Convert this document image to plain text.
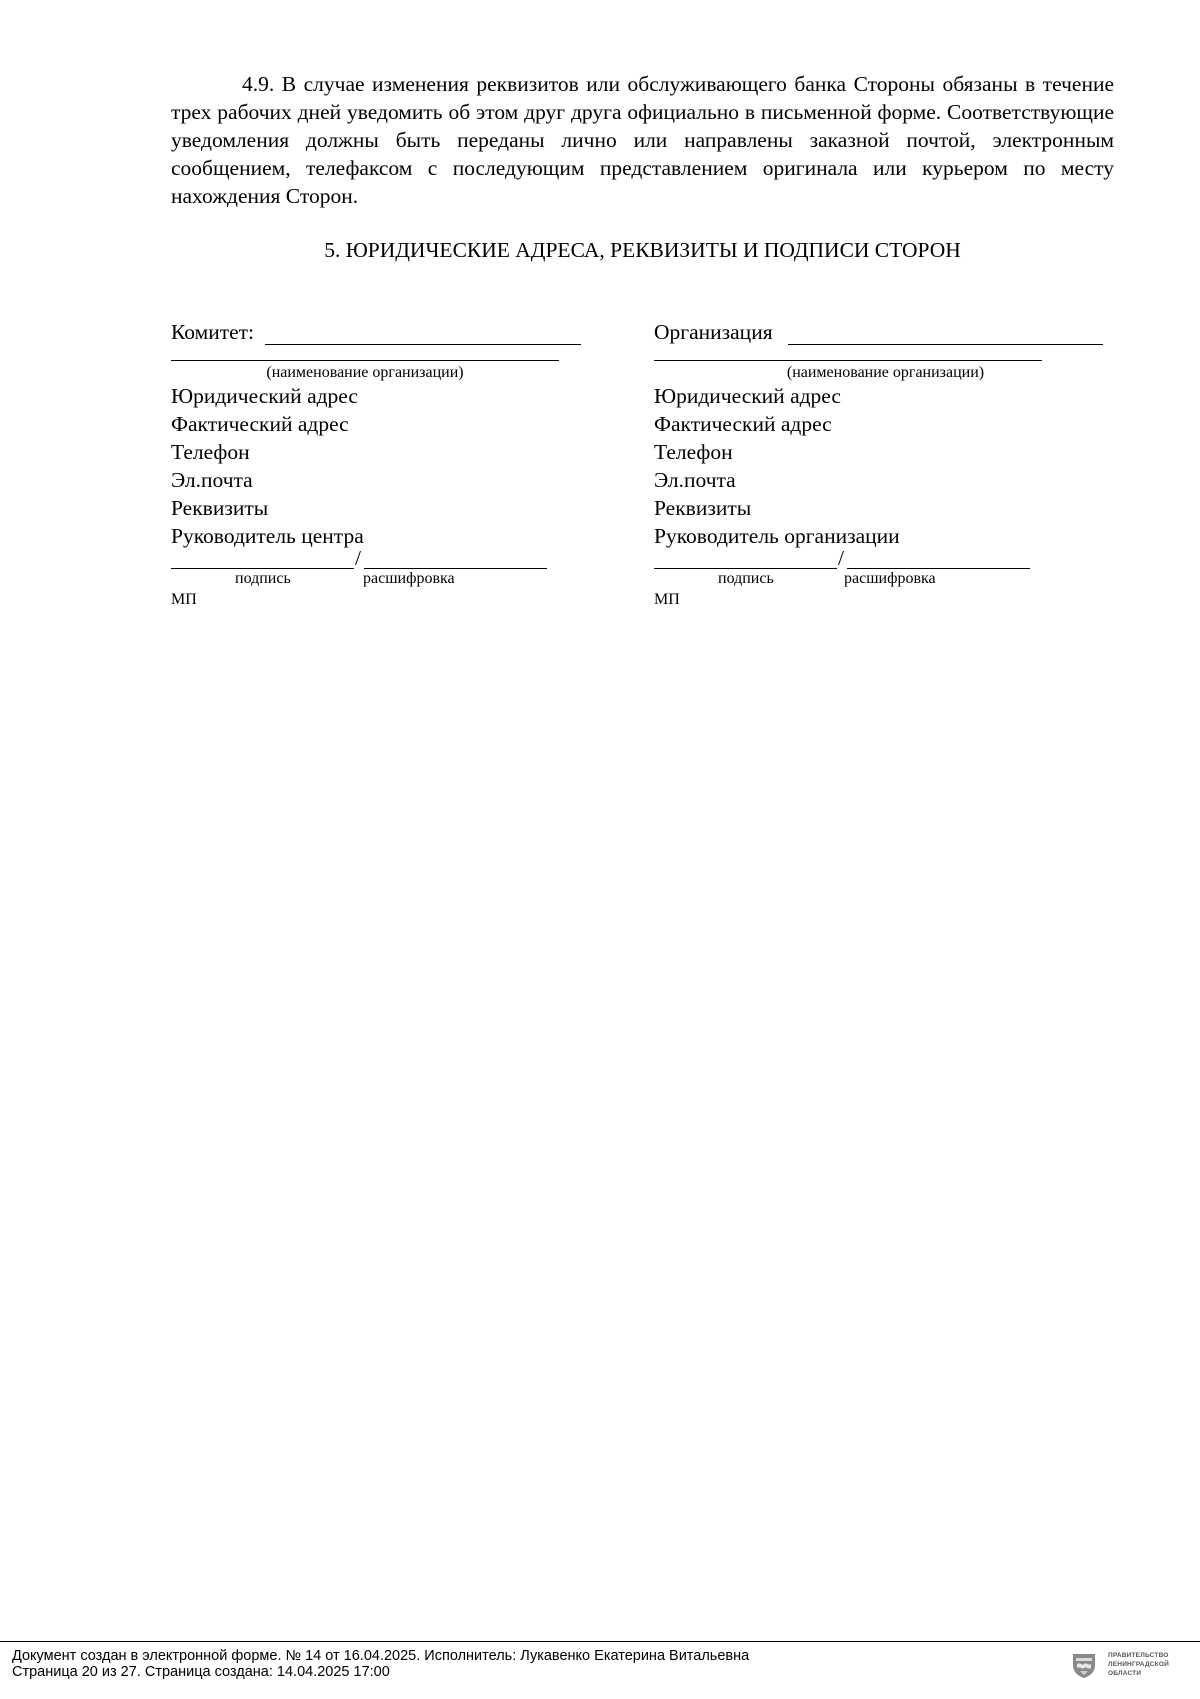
4.9. В случае изменения реквизитов или обслуживающего банка Стороны обязаны в течение трех рабочих дней уведомить об этом друг друга официально в письменной форме. Соответствующие уведомления должны быть переданы лично или направлены заказной почтой, электронным сообщением, телефаксом с последующим представлением оригинала или курьером по месту нахождения Сторон.

5. ЮРИДИЧЕСКИЕ АДРЕСА, РЕКВИЗИТЫ И ПОДПИСИ СТОРОН
Комитет:
(наименование организации)
Юридический адрес
Фактический адрес
Телефон
Эл.почта
Реквизиты
Руководитель центра
/
подпись	расшифровка
МП
Организация
(наименование организации)
Юридический адрес
Фактический адрес
Телефон
Эл.почта
Реквизиты
Руководитель организации
/
подпись	расшифровка
МП
Документ создан в электронной форме. № 14 от 16.04.2025. Исполнитель: Лукавенко Екатерина Витальевна
Страница 20 из 27. Страница создана: 14.04.2025 17:00
ПРАВИТЕЛЬСТВО
ЛЕНИНГРАДСКОЙ
ОБЛАСТИ
